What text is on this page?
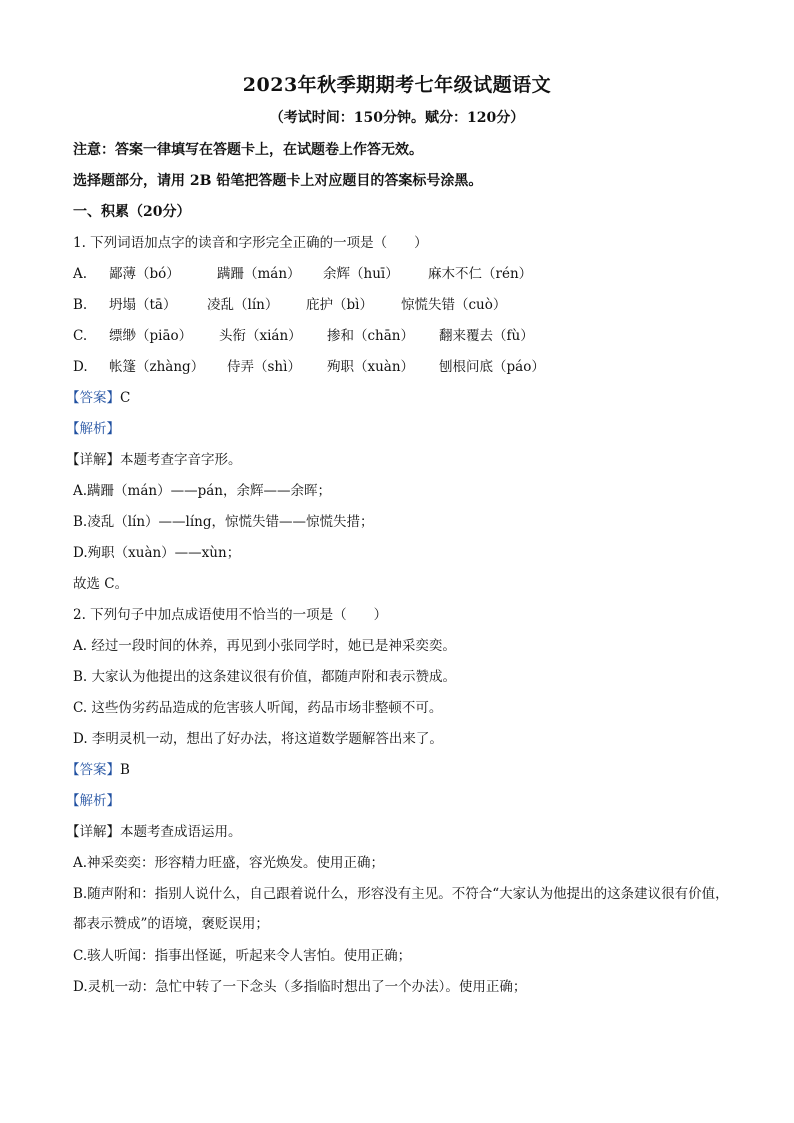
2023年秋季期期考七年级试题语文
（考试时间：150分钟。赋分：120分）
注意：答案一律填写在答题卡上，在试题卷上作答无效。
选择题部分，请用 2B 铅笔把答题卡上对应题目的答案标号涂黑。
一、积累（20分）
1. 下列词语加点字的读音和字形完全正确的一项是（　　）
A. 鄙薄（bó）	蹒跚（mán） 余辉（huī） 麻木不仁（rén）
B. 坍塌（tā） 凌乱（lín） 庇护（bì） 惊慌失错（cuò）
C. 缥缈（piāo） 头衔（xián） 掺和（chān） 翻来覆去（fù）
D. 帐篷（zhàng） 侍弄（shì） 殉职（xuàn） 刨根问底（páo）
【答案】C
【解析】
【详解】本题考查字音字形。
A.蹒跚（mán）——pán，余辉——余晖；
B.凌乱（lín）——líng，惊慌失错——惊慌失措；
D.殉职（xuàn）——xùn；
故选 C。
2. 下列句子中加点成语使用不恰当的一项是（　　）
A. 经过一段时间的休养，再见到小张同学时，她已是神采奕奕。
B. 大家认为他提出的这条建议很有价值，都随声附和表示赞成。
C. 这些伪劣药品造成的危害骇人听闻，药品市场非整顿不可。
D. 李明灵机一动，想出了好办法，将这道数学题解答出来了。
【答案】B
【解析】
【详解】本题考查成语运用。
A.神采奕奕：形容精力旺盛，容光焕发。使用正确；
B.随声附和：指别人说什么，自己跟着说什么，形容没有主见。不符合“大家认为他提出的这条建议很有价值，都表示赞成”的语境，褒贬误用；
C.骇人听闻：指事出怪诞，听起来令人害怕。使用正确；
D.灵机一动：急忙中转了一下念头（多指临时想出了一个办法）。使用正确；
